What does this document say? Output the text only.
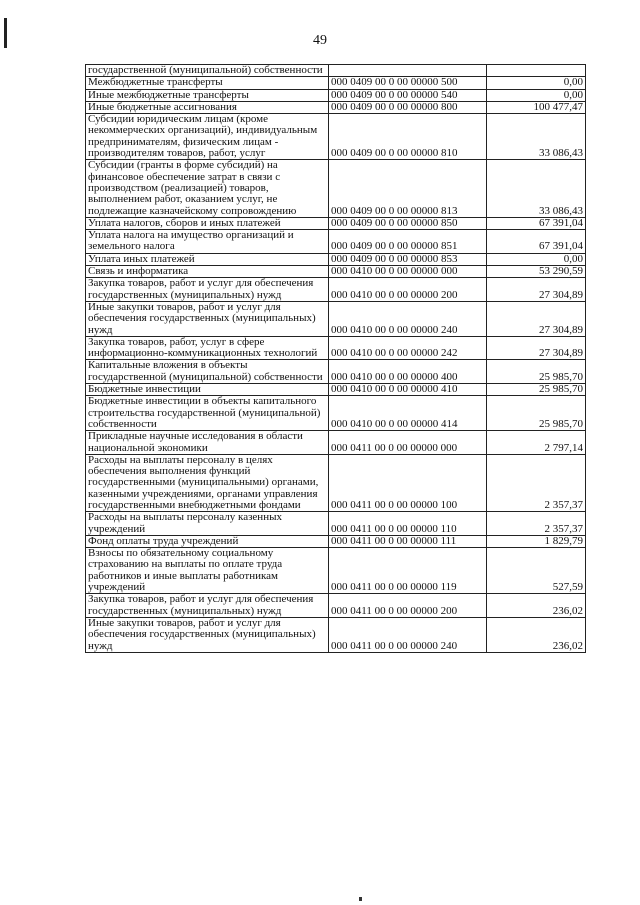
49
государственной (муниципальной) собственности		
Межбюджетные трансферты	000 0409 00 0 00 00000 500	0,00
Иные межбюджетные трансферты	000 0409 00 0 00 00000 540	0,00
Иные бюджетные ассигнования	000 0409 00 0 00 00000 800	100 477,47
Субсидии юридическим лицам (кроме некоммерческих организаций), индивидуальным предпринимателям, физическим лицам - производителям товаров, работ, услуг	000 0409 00 0 00 00000 810	33 086,43
Субсидии (гранты в форме субсидий) на финансовое обеспечение затрат в связи с производством (реализацией) товаров, выполнением работ, оказанием услуг, не подлежащие казначейскому сопровождению	000 0409 00 0 00 00000 813	33 086,43
Уплата налогов, сборов и иных платежей	000 0409 00 0 00 00000 850	67 391,04
Уплата налога на имущество организаций и земельного налога	000 0409 00 0 00 00000 851	67 391,04
Уплата иных платежей	000 0409 00 0 00 00000 853	0,00
Связь и информатика	000 0410 00 0 00 00000 000	53 290,59
Закупка товаров, работ и услуг для обеспечения государственных (муниципальных) нужд	000 0410 00 0 00 00000 200	27 304,89
Иные закупки товаров, работ и услуг для обеспечения государственных (муниципальных) нужд	000 0410 00 0 00 00000 240	27 304,89
Закупка товаров, работ, услуг в сфере информационно-коммуникационных технологий	000 0410 00 0 00 00000 242	27 304,89
Капитальные вложения в объекты государственной (муниципальной) собственности	000 0410 00 0 00 00000 400	25 985,70
Бюджетные инвестиции	000 0410 00 0 00 00000 410	25 985,70
Бюджетные инвестиции в объекты капитального строительства государственной (муниципальной) собственности	000 0410 00 0 00 00000 414	25 985,70
Прикладные научные исследования в области национальной экономики	000 0411 00 0 00 00000 000	2 797,14
Расходы на выплаты персоналу в целях обеспечения выполнения функций государственными (муниципальными) органами, казенными учреждениями, органами управления государственными внебюджетными фондами	000 0411 00 0 00 00000 100	2 357,37
Расходы на выплаты персоналу казенных учреждений	000 0411 00 0 00 00000 110	2 357,37
Фонд оплаты труда учреждений	000 0411 00 0 00 00000 111	1 829,79
Взносы по обязательному социальному страхованию на выплаты по оплате труда работников и иные выплаты работникам учреждений	000 0411 00 0 00 00000 119	527,59
Закупка товаров, работ и услуг для обеспечения государственных (муниципальных) нужд	000 0411 00 0 00 00000 200	236,02
Иные закупки товаров, работ и услуг для обеспечения государственных (муниципальных) нужд	000 0411 00 0 00 00000 240	236,02
